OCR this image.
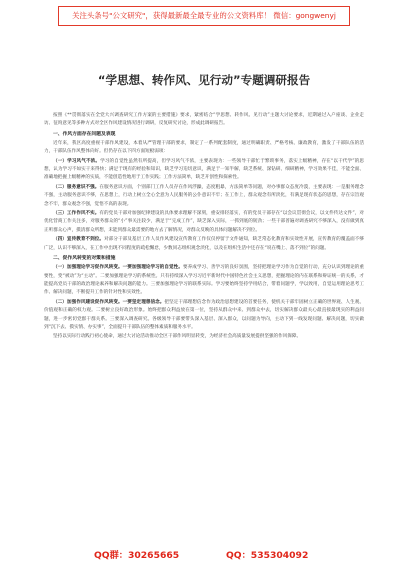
关注头条号"公文研究"，获得最新最全最专业的公文资料库！ 微信：gongwenyj
“学思想、转作风、见行动”专题调研报告

按照《**贯彻落实在全党大兴调查研究工作方案的主要措施》要求，紧密结合“学思想、转作风、见行动”主题大讨论要求，近期通过入户座谈、企业走访、征询意见等多种方式对全区作风建设情况进行调研，反复研究讨论，形成此调研报告。

一、作风方面存在问题及表现

近年来，我区高度重视干部作风建设，本着从严管理干部的要求，制定了一系列配套制度，通过明确职责、严格考核、廉政教育，激发了干部队伍的活力，干部队伍作风整体向好。但仍存在以下四方面短板弱项：

（一）学习风气不浓。学习的自觉性虽然有所提高，但学习风气不浓，主要表现为：一些领导干部忙于繁琐事务，落实上级精神，存在“以干代学”的思想，认为学习不如实干来得快；满足于现有的经验和知识，缺乏学习迫切意识，满足于一知半解，缺乏系统、深钻研、细研精神，学习效果不佳，不能全面、准确地把握上级精神的实质，不能创造性地用于工作实践；工作方法简单，缺乏开创性和探索性。

（二）服务意识不强。在服务意识方面，个别部门工作人员存在作风浮躁，态度粗暴，方法简单等问题，对办事群众态度冷漠，主要表现：一是服务理念不强，主动服务意识不够，在思想上，行动上树立全心全意为人民服务的公仆意识不牢；在工作上，群众观念有所淡化，有满足现有状态的思想，存在宗旨观念不牢，群众观念不强，觉悟不高的表现。

（三）工作作风不实。有的党员干部对加强纪律建设的具体要求理解不深刻，重安排轻落实，有的党员干部存在“以会议贯彻会议，以文件传达文件”，对优化营商工作关注多，对服务群众的“小”事关注较少，满足于“完成工作”，缺乏深入实际，一抓到底的韧劲；一些干部普遍对调查研究不够深入，没有做到真正听群众心声，摸清群众所想，未能到群众最需要的地方去了解情况，对群众反映的具体问题解决不到位。

（四）宣传教育不到位。对部分干部及基层工作人员作风建设宣传教育工作仅仅停留于文件通知，缺乏常态化教育和实效性开展，宣传教育的覆盖面不够广泛，认识不够深入，在工作中出现不同程度的疏松懈怠，少数同志组织观念淡化，以及在组织生活中还存在“说在嘴上、落不到位”的问题。

二、促作风转变的对策和措施

（一）加强理论学习促作风转变。一要加强理论学习的自觉性。要养成学习、善学习的良好氛围，坚持把理论学习作为自觉的行动，充分认识到理论的重要性，变“被动”为“主动”。二要加强理论学习的系统性。只有持续深入学习习近平新时代中国特色社会主义思想，把握理论的内在联系和辩证统一的关系，才能提高党员干部的政治理论素养和解决问题的能力。三要加强理论学习的联系实际。学习要始终坚持学用结合，带着问题学，学以致用，自觉运用理论思考工作、解决问题，不断提升工作的针对性和实效性。

（二）加强作风建设促作风转变。一要坚定理想信念。把坚定干部理想信念作为政治思想建设的首要任务，使机关干部牢固树立正确的世界观、人生观、价值观和正确的权力观。二要树立良好政治形象。始终把群众利益放在第一位，坚持从群众中来、到群众中去，切实解决群众最关心最直接最现实的利益问题，进一步密切党群干群关系。三要深入调查研究。各级领导干部要带头深入基层、深入群众，以问题为导向，主动下到一线发现问题、解决问题，切实做到“沉下去、摸实情、办实事”，全面提升干部队伍的整体素质和服务水平。

坚持以实际行动践行初心使命，通过大讨论活动推动全区干部作风明显转变，为经济社会高质量发展提供坚强的作风保障。

QQ群：30265665	QQ：535304092
